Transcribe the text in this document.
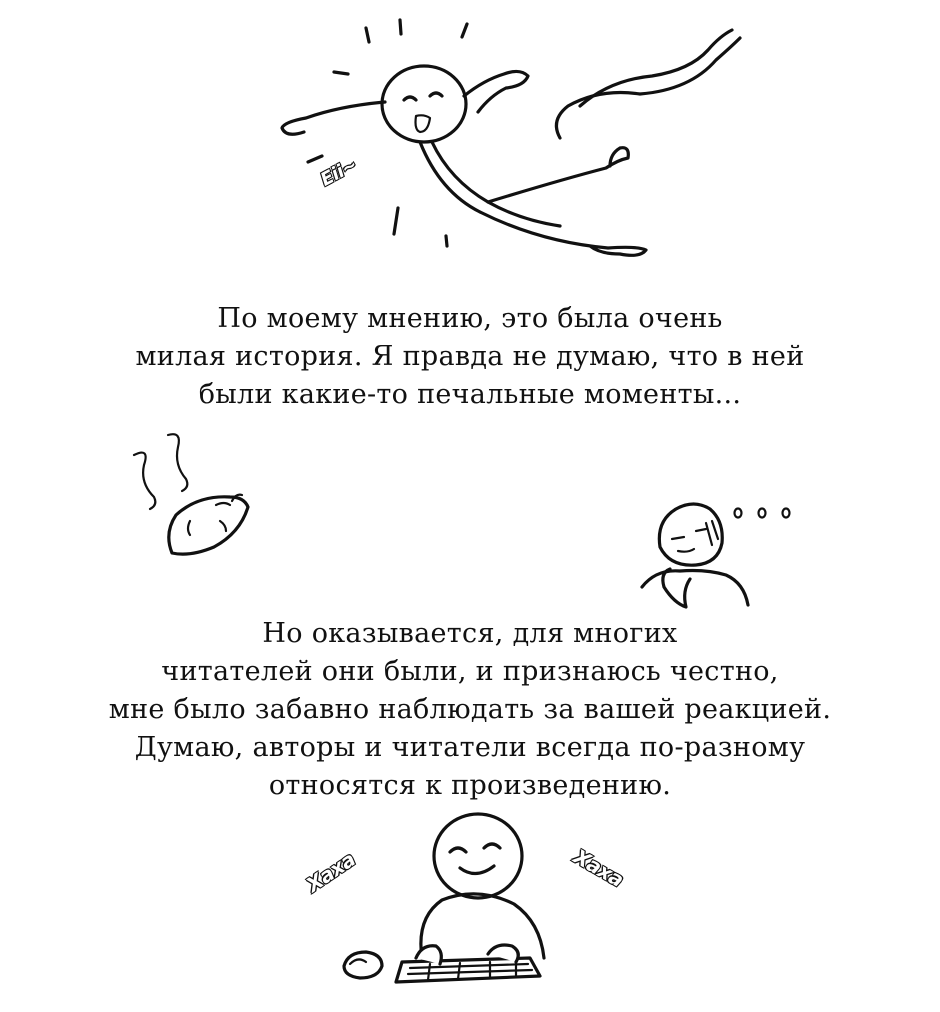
Eii~

По моему мнению, это была очень
милая история. Я правда не думаю, что в ней
были какие-то печальные моменты...

Но оказывается, для многих
читателей они были, и признаюсь честно,
мне было забавно наблюдать за вашей реакцией.
Думаю, авторы и читатели всегда по-разному
относятся к произведению.

Хаха	Хаха
